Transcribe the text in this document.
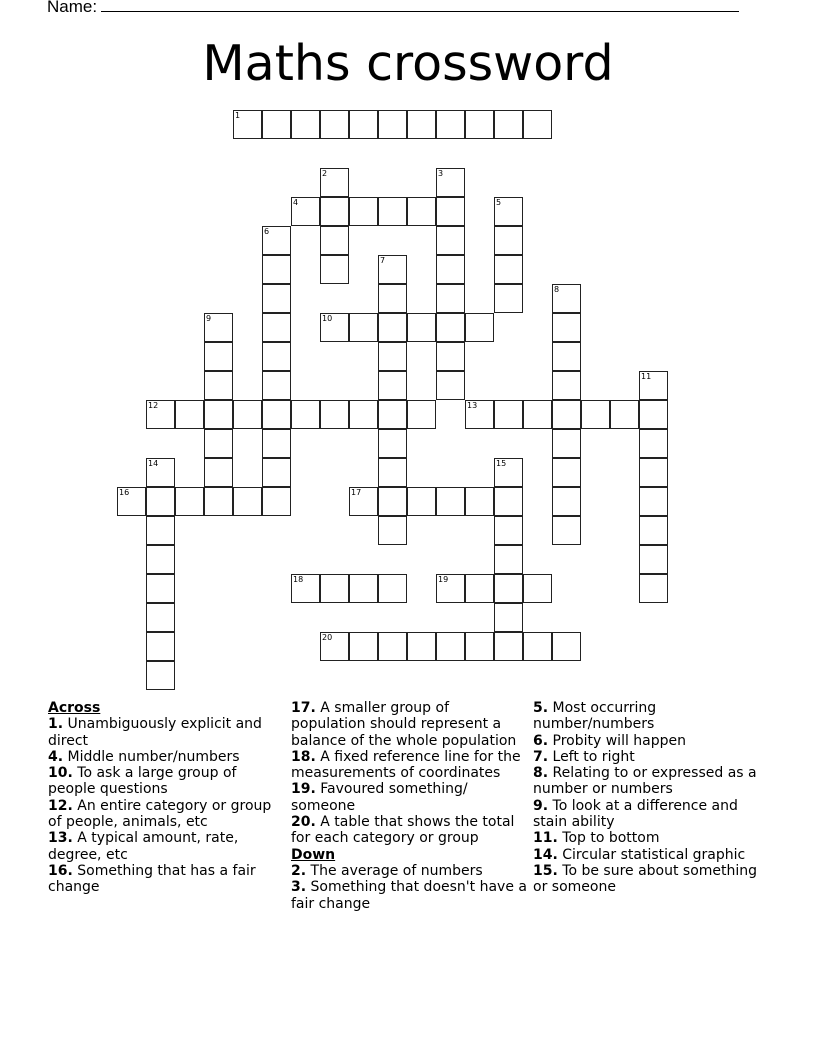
Name:
Maths crossword
1
2	3
4	5
6
7
8
9	10
11
12	13
14	15
16	17
18	19
20
Across
1. Unambiguously explicit and direct
4. Middle number/numbers
10. To ask a large group of people questions
12. An entire category or group of people, animals, etc
13. A typical amount, rate, degree, etc
16. Something that has a fair change
17. A smaller group of population should represent a balance of the whole population
18. A fixed reference line for the measurements of coordinates
19. Favoured something/ someone
20. A table that shows the total for each category or group
Down
2. The average of numbers
3. Something that doesn't have a fair change
5. Most occurring number/numbers
6. Probity will happen
7. Left to right
8. Relating to or expressed as a number or numbers
9. To look at a difference and stain ability
11. Top to bottom
14. Circular statistical graphic
15. To be sure about something or someone
